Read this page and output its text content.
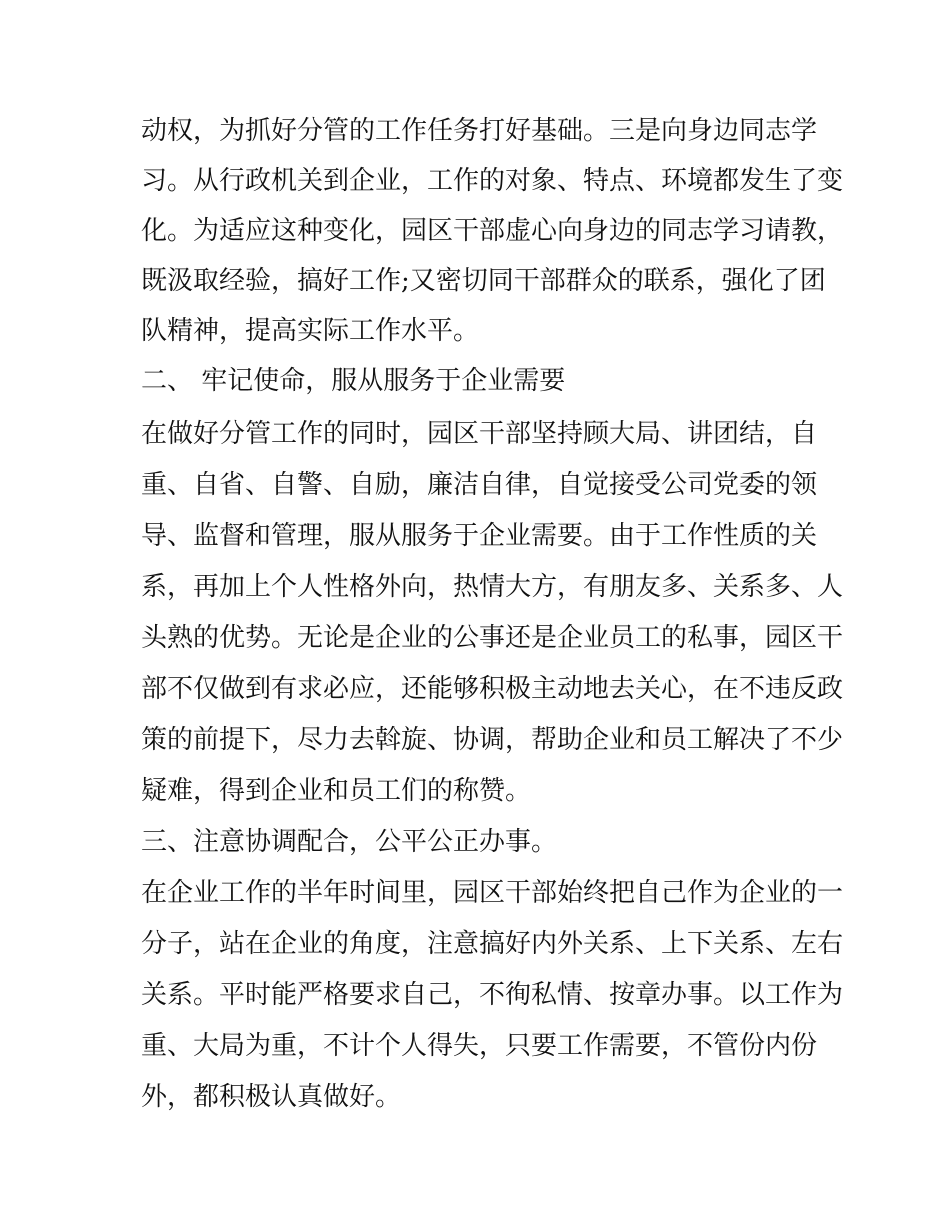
动权，为抓好分管的工作任务打好基础。三是向身边同志学
习。从行政机关到企业，工作的对象、特点、环境都发生了变
化。为适应这种变化，园区干部虚心向身边的同志学习请教，
既汲取经验，搞好工作;又密切同干部群众的联系，强化了团
队精神，提高实际工作水平。
二、 牢记使命，服从服务于企业需要
在做好分管工作的同时，园区干部坚持顾大局、讲团结，自
重、自省、自警、自励，廉洁自律，自觉接受公司党委的领
导、监督和管理，服从服务于企业需要。由于工作性质的关
系，再加上个人性格外向，热情大方，有朋友多、关系多、人
头熟的优势。无论是企业的公事还是企业员工的私事，园区干
部不仅做到有求必应，还能够积极主动地去关心，在不违反政
策的前提下，尽力去斡旋、协调，帮助企业和员工解决了不少
疑难，得到企业和员工们的称赞。
三、注意协调配合，公平公正办事。
在企业工作的半年时间里，园区干部始终把自己作为企业的一
分子，站在企业的角度，注意搞好内外关系、上下关系、左右
关系。平时能严格要求自己，不徇私情、按章办事。以工作为
重、大局为重，不计个人得失，只要工作需要，不管份内份
外，都积极认真做好。
